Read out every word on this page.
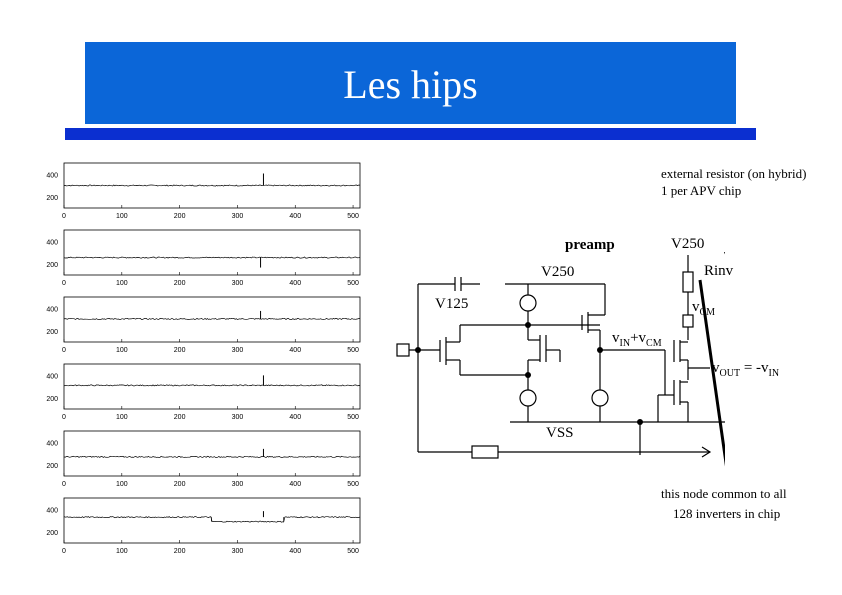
Les hips
400
200
0	100	200	300	400	500
400
200
0	100	200	300	400	500
400
200
0	100	200	300	400	500
400
200
0	100	200	300	400	500
400
200
0	100	200	300	400	500
400
200
0	100	200	300	400	500
external resistor (on hybrid)
1 per APV chip
preamp	V250
Rinv
V250
V125	$v_{CM}$
$v_{IN}+v_{CM}$
$v_{OUT} = -v_{IN}$
VSS
this node common to all
128 inverters in chip
